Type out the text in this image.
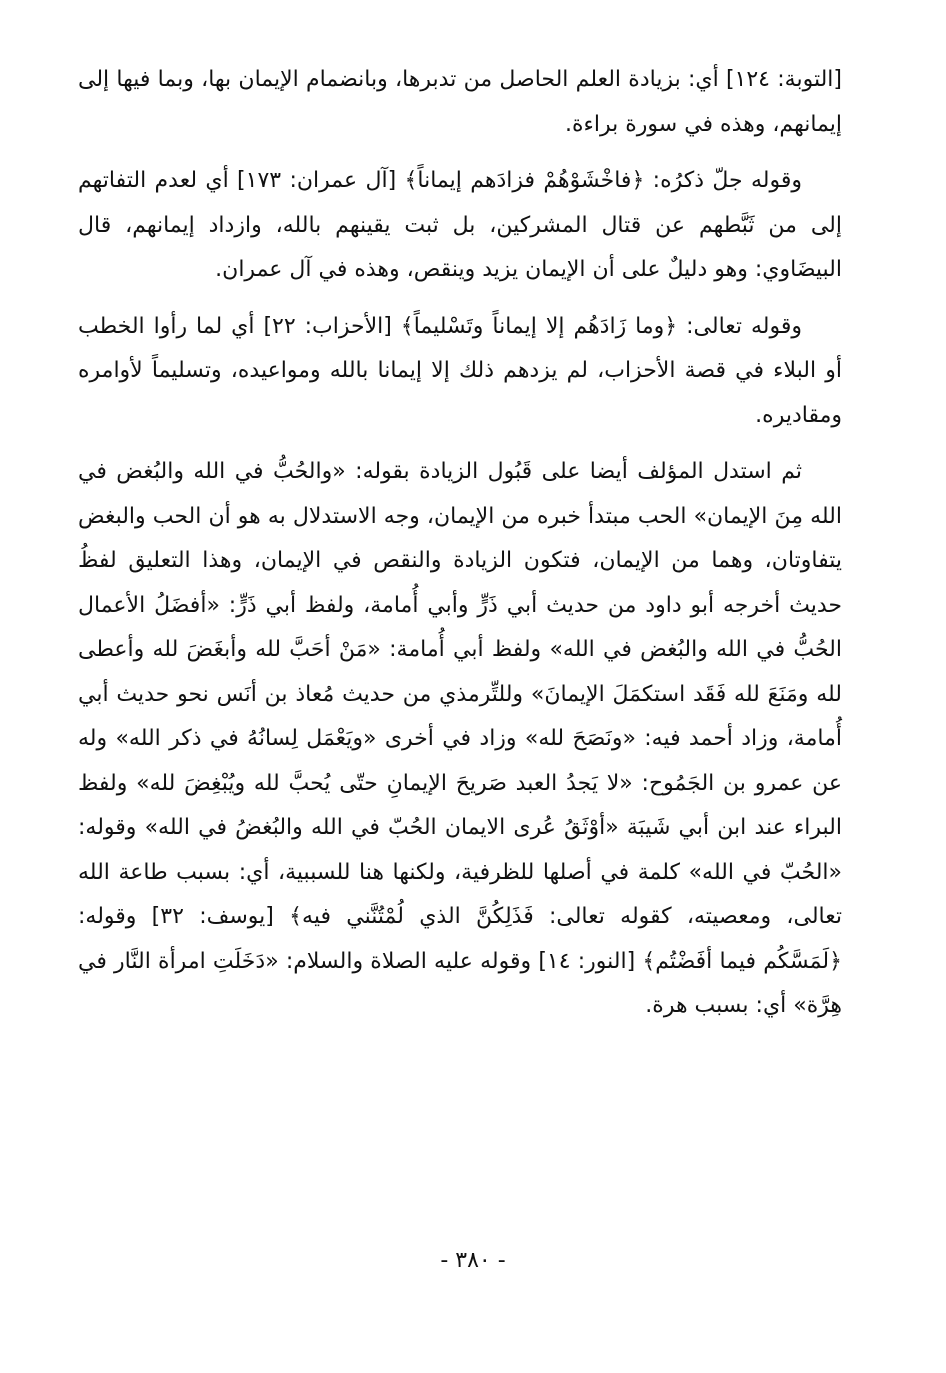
[التوبة: ١٢٤] أي: بزيادة العلم الحاصل من تدبرها، وبانضمام الإيمان بها، وبما فيها إلى إيمانهم، وهذه في سورة براءة.

وقوله جلّ ذكرُه: ﴿فاخْشَوْهُمْ فزادَهم إيماناً﴾ [آل عمران: ١٧٣] أي لعدم التفاتهم إلى من ثَبَّطهم عن قتال المشركين، بل ثبت يقينهم بالله، وازداد إيمانهم، قال البيضَاوي: وهو دليلٌ على أن الإيمان يزيد وينقص، وهذه في آل عمران.

وقوله تعالى: ﴿وما زَادَهُم إلا إيماناً وتَسْليماً﴾ [الأحزاب: ٢٢] أي لما رأوا الخطب أو البلاء في قصة الأحزاب، لم يزدهم ذلك إلا إيمانا بالله ومواعيده، وتسليماً لأوامره ومقاديره.

ثم استدل المؤلف أيضا على قَبُول الزيادة بقوله: «والحُبُّ في الله والبُغض في الله مِنَ الإيمان» الحب مبتدأ خبره من الإيمان، وجه الاستدلال به هو أن الحب والبغض يتفاوتان، وهما من الإيمان، فتكون الزيادة والنقص في الإيمان، وهذا التعليق لفظُ حديث أخرجه أبو داود من حديث أبي ذَرٍّ وأبي أُمامة، ولفظ أبي ذَرٍّ: «أفضَلُ الأعمال الحُبُّ في الله والبُغض في الله» ولفظ أبي أُمامة: «مَنْ أحَبَّ لله وأبغَضَ لله وأعطى لله ومَنَعَ لله فَقَد استكمَلَ الإيمانَ» وللتِّرمذي من حديث مُعاذ بن أنَس نحو حديث أبي أُمامة، وزاد أحمد فيه: «ونَصَحَ لله» وزاد في أخرى «ويَعْمَل لِسانُهُ في ذكر الله» وله عن عمرو بن الجَمُوح: «لا يَجدُ العبد صَريحَ الإيمانِ حتّى يُحبَّ لله ويُبْغِضَ لله» ولفظ البراء عند ابن أبي شَيبَة «أوْثَقُ عُرى الايمان الحُبّ في الله والبُغضُ في الله» وقوله: «الحُبّ في الله» كلمة في أصلها للظرفية، ولكنها هنا للسببية، أي: بسبب طاعة الله تعالى، ومعصيته، كقوله تعالى: فَذَلِكُنَّ الذي لُمْتُنَّني فيه﴾ [يوسف: ٣٢] وقوله: ﴿لَمَسَّكُم فيما أفَضْتُم﴾ [النور: ١٤] وقوله عليه الصلاة والسلام: «دَخَلَتِ امرأة النَّار في هِرَّة» أي: بسبب هرة.

- ٣٨٠ -
